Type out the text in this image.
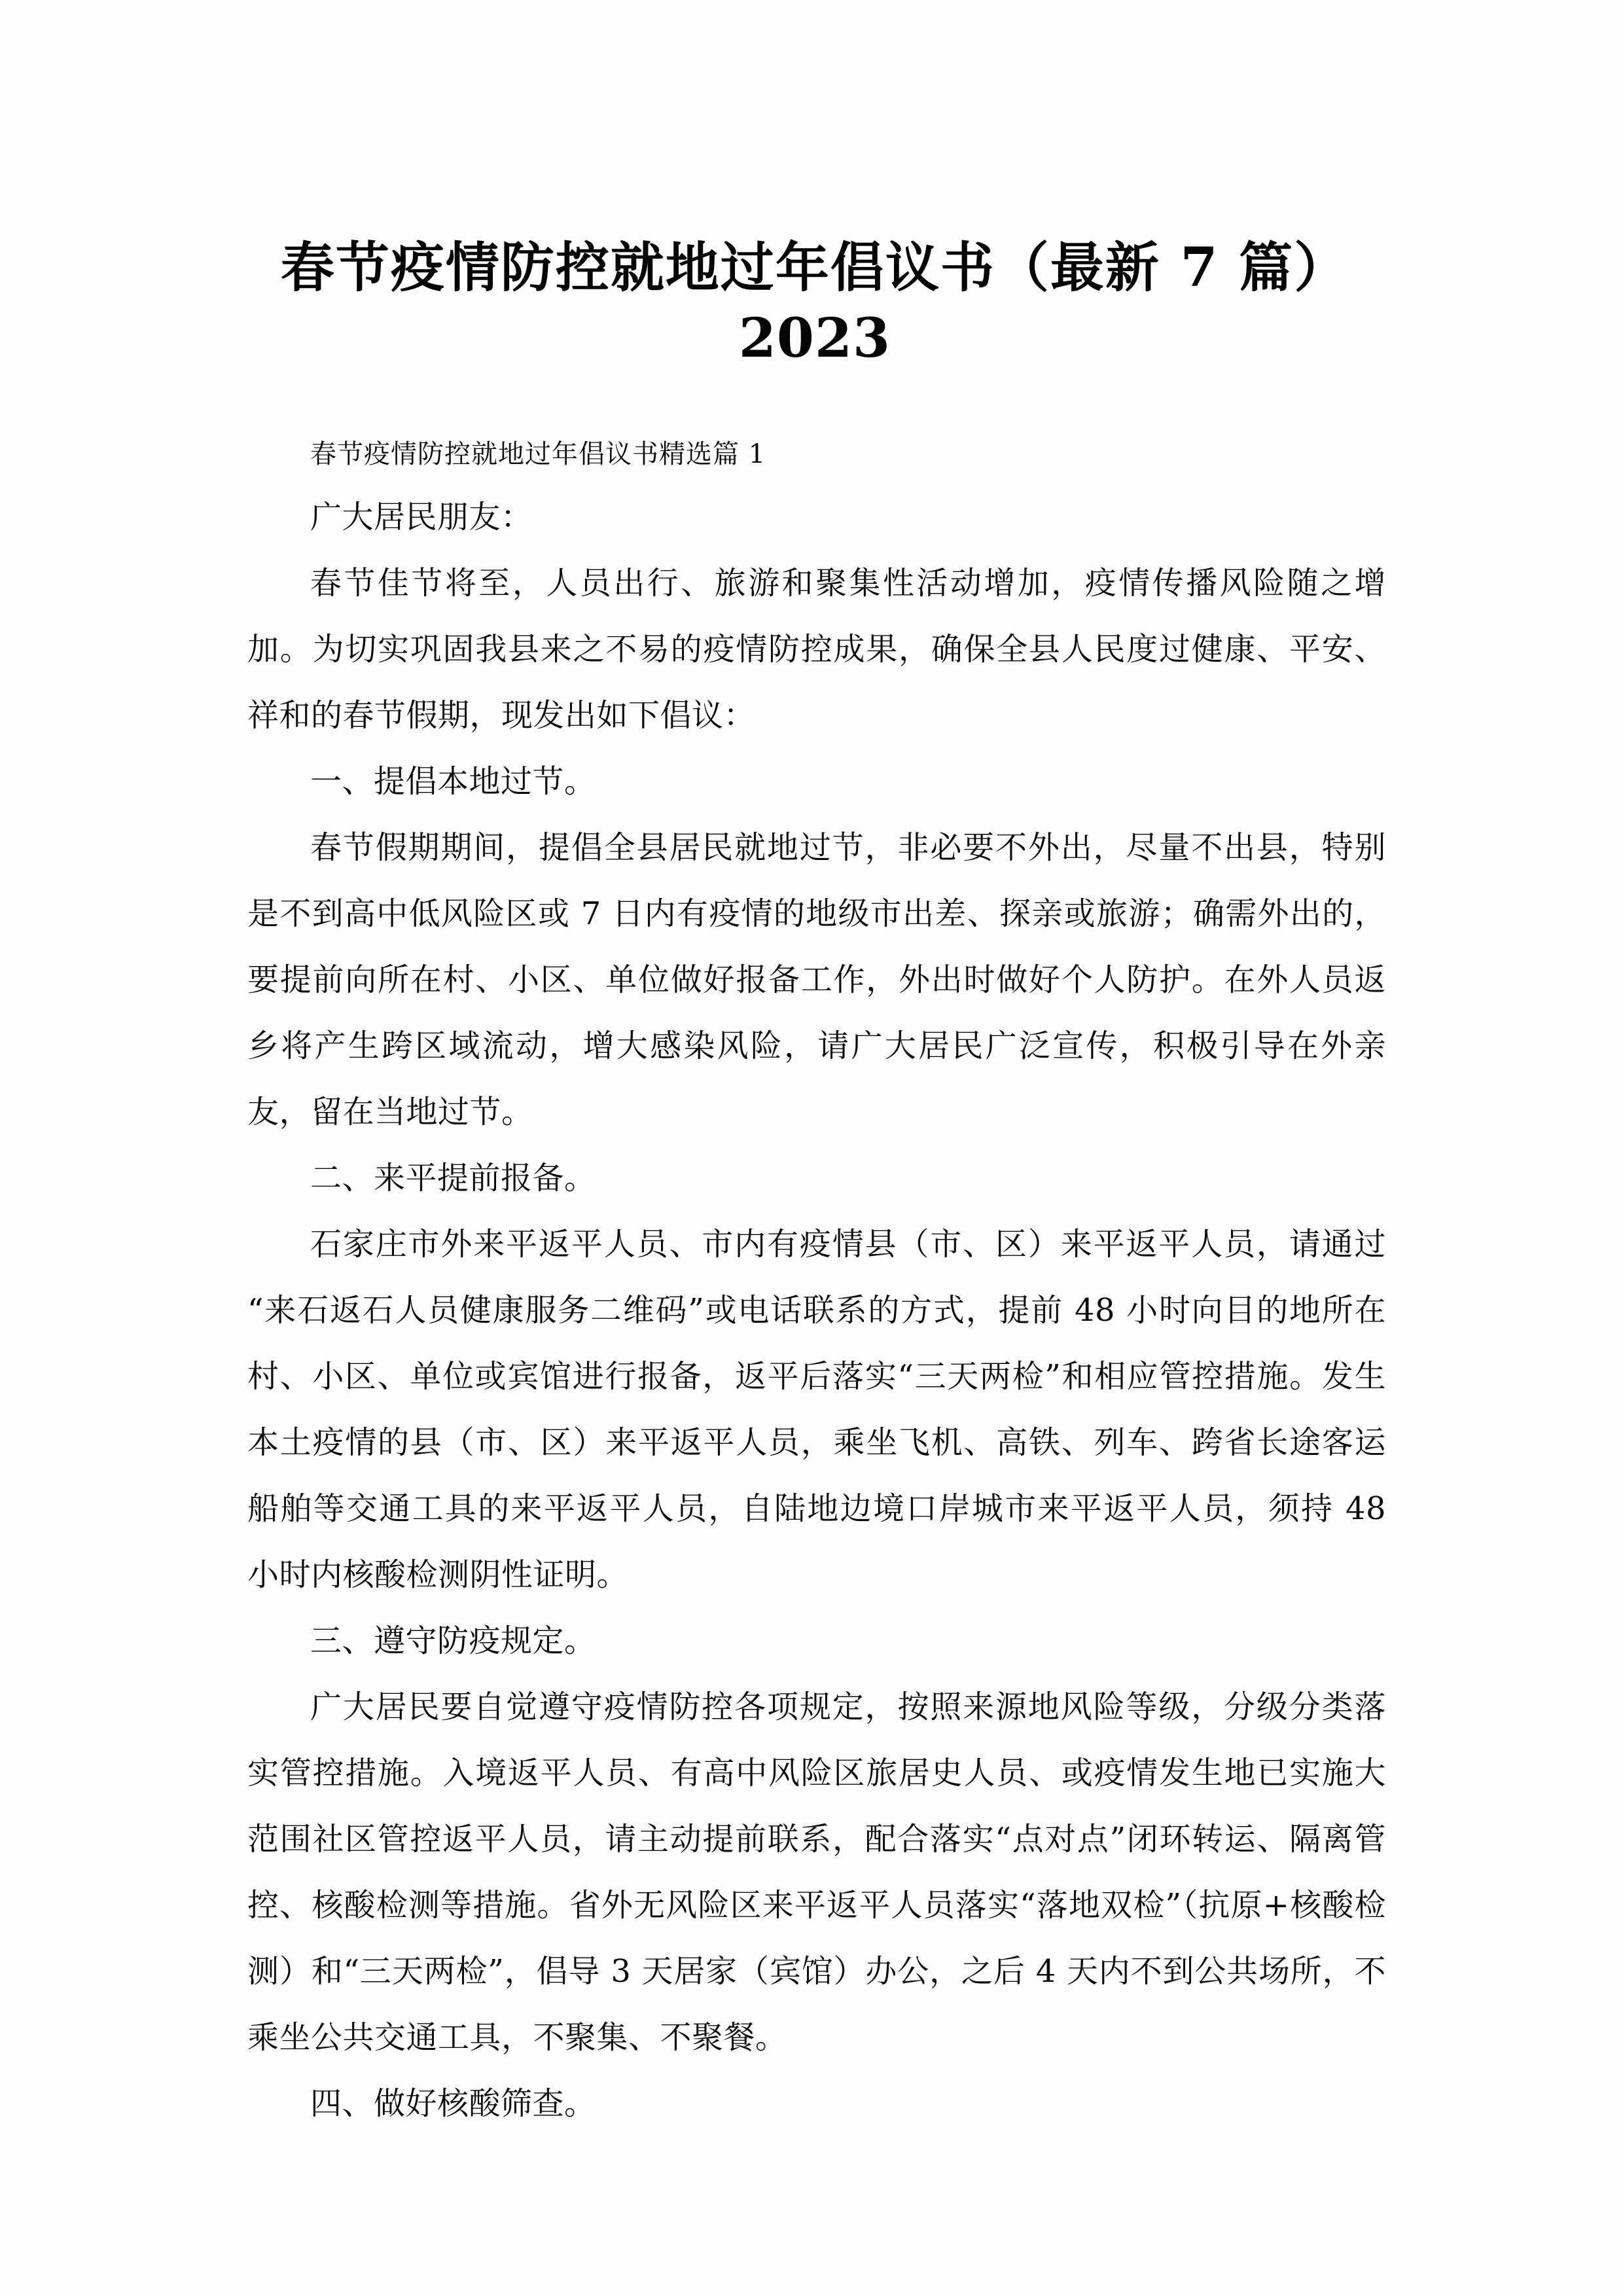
春节疫情防控就地过年倡议书（最新 7 篇）
2023

春节疫情防控就地过年倡议书精选篇 1

广大居民朋友：

春节佳节将至，人员出行、旅游和聚集性活动增加，疫情传播风险随之增加。为切实巩固我县来之不易的疫情防控成果，确保全县人民度过健康、平安、祥和的春节假期，现发出如下倡议：

一、提倡本地过节。

春节假期期间，提倡全县居民就地过节，非必要不外出，尽量不出县，特别是不到高中低风险区或 7 日内有疫情的地级市出差、探亲或旅游；确需外出的，要提前向所在村、小区、单位做好报备工作，外出时做好个人防护。在外人员返乡将产生跨区域流动，增大感染风险，请广大居民广泛宣传，积极引导在外亲友，留在当地过节。

二、来平提前报备。

石家庄市外来平返平人员、市内有疫情县（市、区）来平返平人员，请通过“来石返石人员健康服务二维码”或电话联系的方式，提前 48 小时向目的地所在村、小区、单位或宾馆进行报备，返平后落实“三天两检”和相应管控措施。发生本土疫情的县（市、区）来平返平人员，乘坐飞机、高铁、列车、跨省长途客运船舶等交通工具的来平返平人员，自陆地边境口岸城市来平返平人员，须持 48 小时内核酸检测阴性证明。

三、遵守防疫规定。

广大居民要自觉遵守疫情防控各项规定，按照来源地风险等级，分级分类落实管控措施。入境返平人员、有高中风险区旅居史人员、或疫情发生地已实施大范围社区管控返平人员，请主动提前联系，配合落实“点对点”闭环转运、隔离管控、核酸检测等措施。省外无风险区来平返平人员落实“落地双检”（抗原+核酸检测）和“三天两检”，倡导 3 天居家（宾馆）办公，之后 4 天内不到公共场所，不乘坐公共交通工具，不聚集、不聚餐。

四、做好核酸筛查。
